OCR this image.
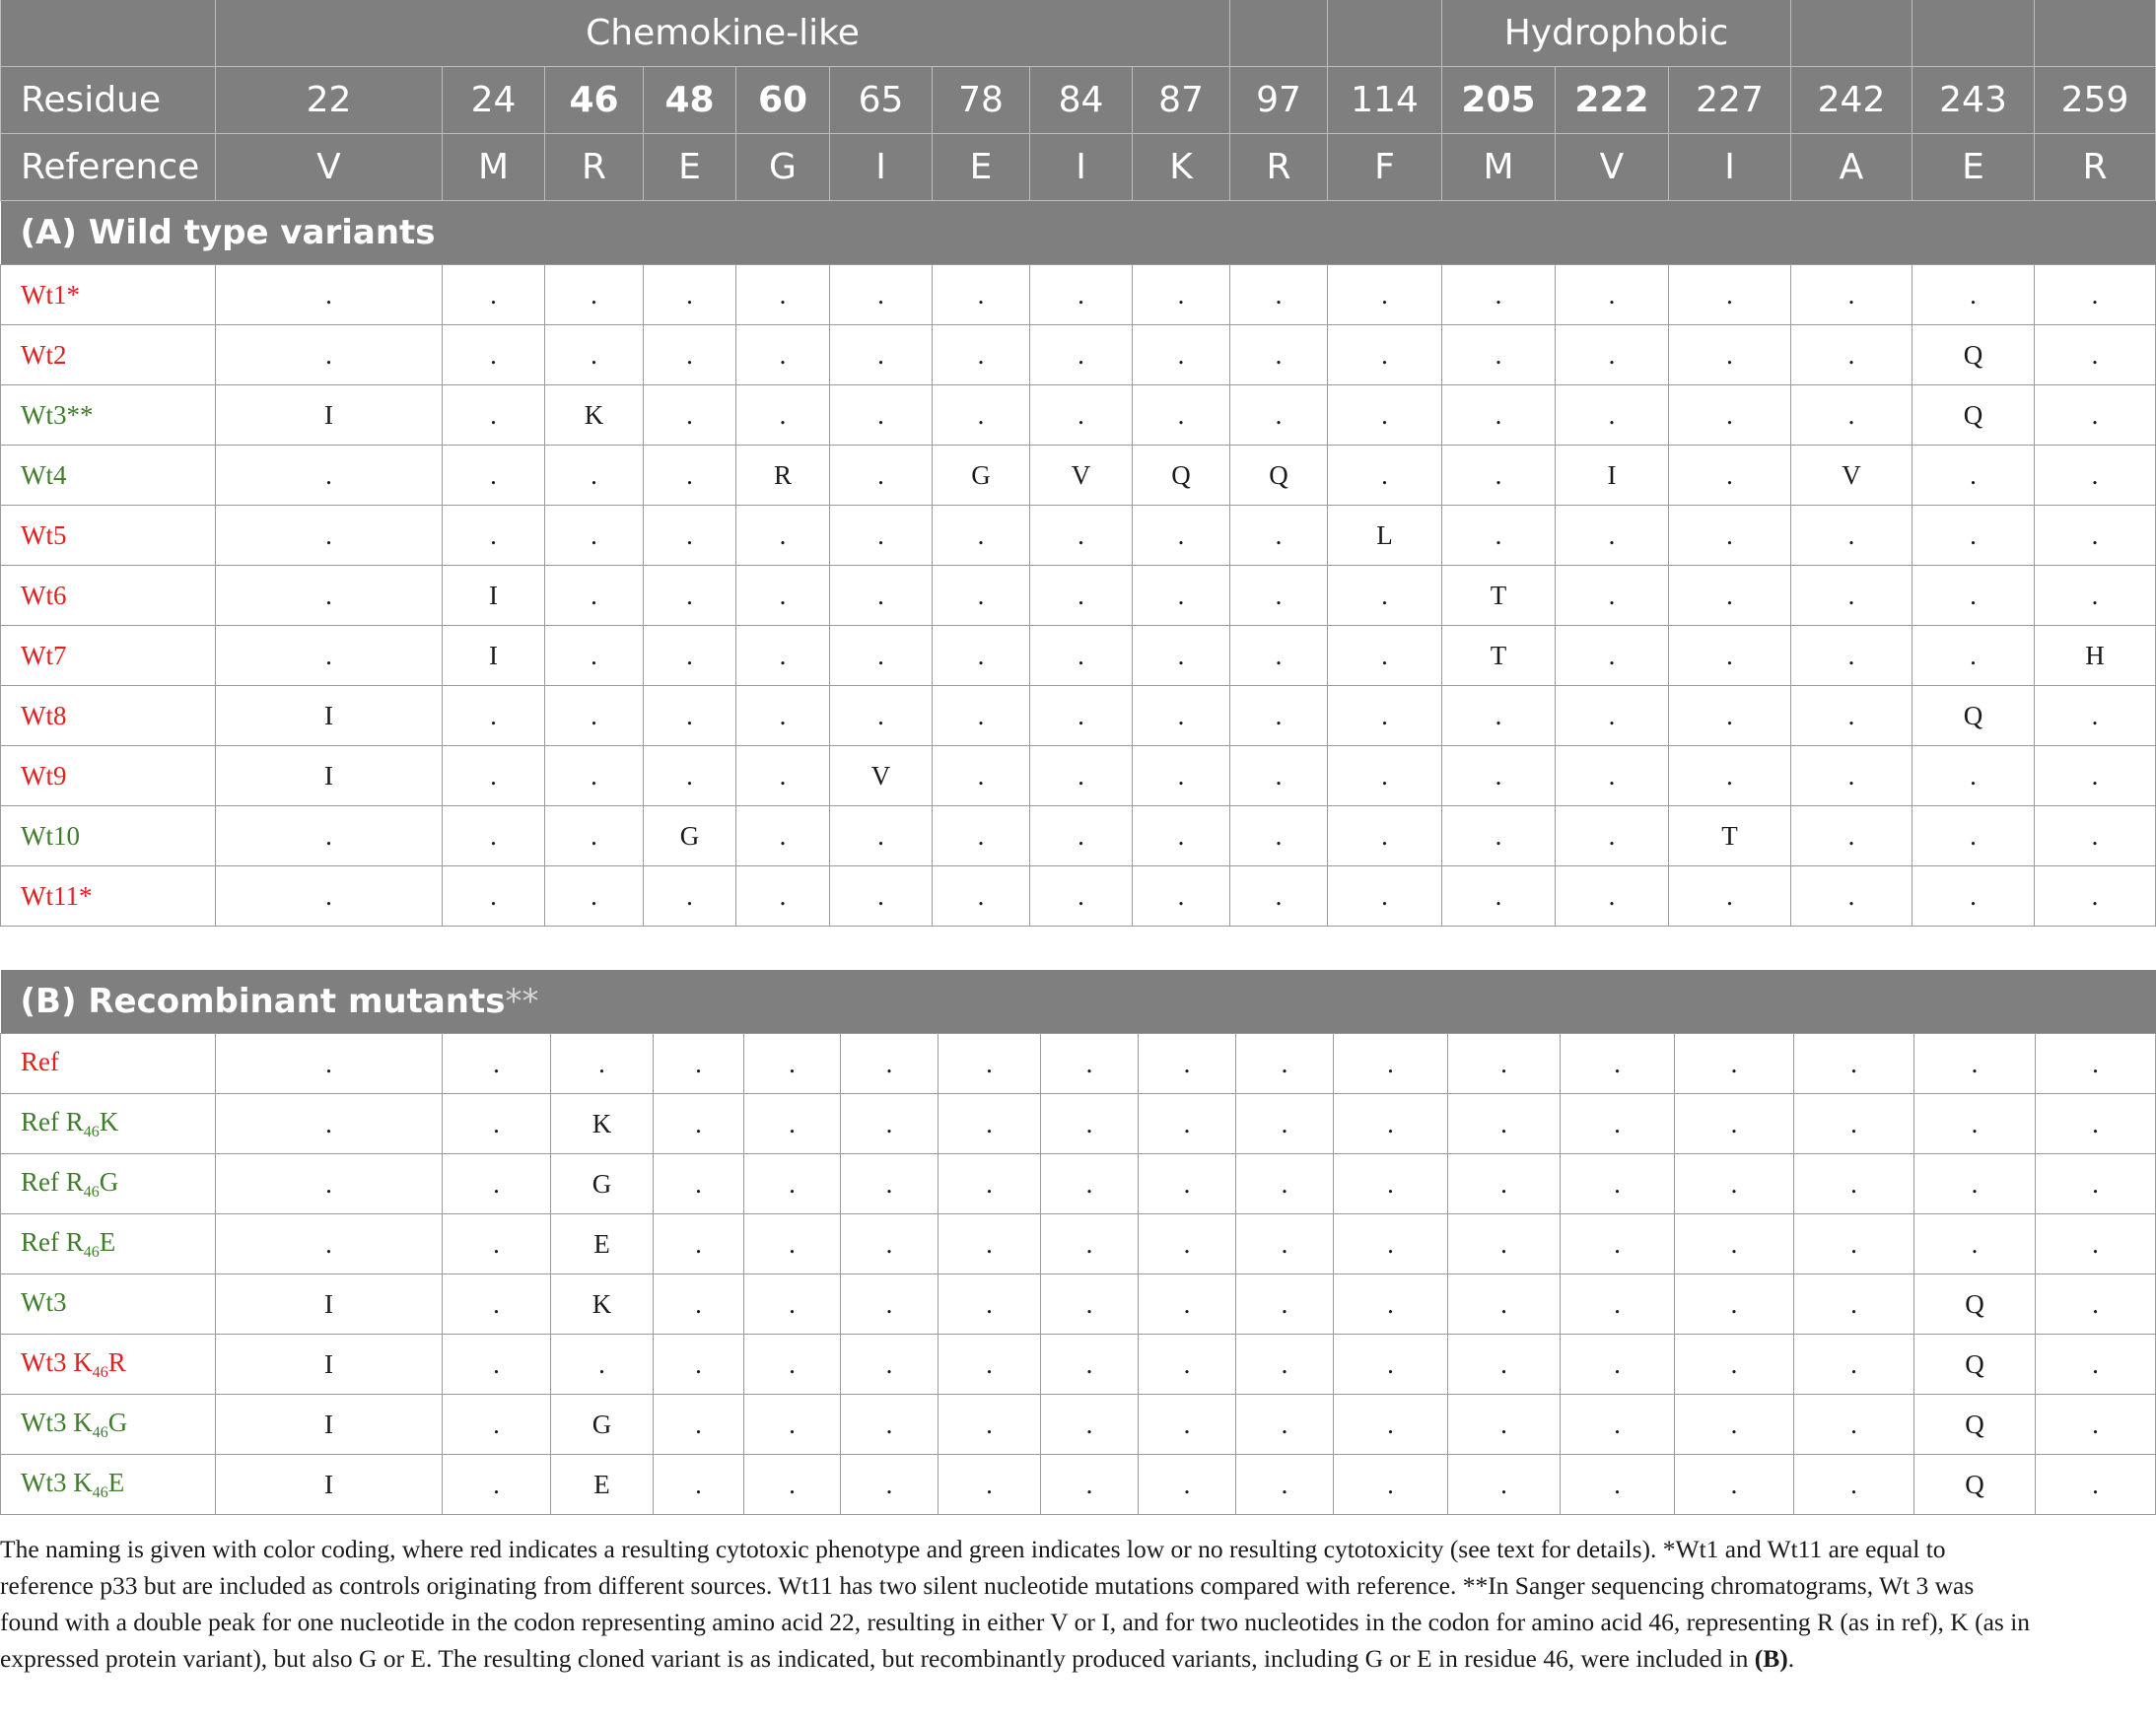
	Chemokine-like											Hydrophobic					
Residue	22	24	46	48	60	65	78	84	87	97	114	205	222	227	242	243	259
Reference	V	M	R	E	G	I	E	I	K	R	F	M	V	I	A	E	R
(A) Wild type variants																	
Wt1*	.	.	.	.	.	.	.	.	.	.	.	.	.	.	.	.	.
Wt2	.	.	.	.	.	.	.	.	.	.	.	.	.	.	.	Q	.
Wt3**	I	.	K	.	.	.	.	.	.	.	.	.	.	.	.	Q	.
Wt4	.	.	.	.	R	.	G	V	Q	Q	.	.	I	.	V	.	.
Wt5	.	.	.	.	.	.	.	.	.	.	L	.	.	.	.	.	.
Wt6	.	I	.	.	.	.	.	.	.	.	.	T	.	.	.	.	.
Wt7	.	I	.	.	.	.	.	.	.	.	.	T	.	.	.	.	H
Wt8	I	.	.	.	.	.	.	.	.	.	.	.	.	.	.	Q	.
Wt9	I	.	.	.	.	V	.	.	.	.	.	.	.	.	.	.	.
Wt10	.	.	.	G	.	.	.	.	.	.	.	.	.	T	.	.	.
Wt11*	.	.	.	.	.	.	.	.	.	.	.	.	.	.	.	.	.
(B) Recombinant mutants**																	
Ref	.	.	.	.	.	.	.	.	.	.	.	.	.	.	.	.	.
Ref $R_{46}K$	.	.	K	.	.	.	.	.	.	.	.	.	.	.	.	.	.
Ref $R_{46}G$	.	.	G	.	.	.	.	.	.	.	.	.	.	.	.	.	.
Ref $R_{46}E$	.	.	E	.	.	.	.	.	.	.	.	.	.	.	.	.	.
Wt3	I	.	K	.	.	.	.	.	.	.	.	.	.	.	.	Q	.
Wt3 $K_{46}R$	I	.	.	.	.	.	.	.	.	.	.	.	.	.	.	Q	.
Wt3 $K_{46}G$	I	.	G	.	.	.	.	.	.	.	.	.	.	.	.	Q	.
Wt3 $K_{46}E$	I	.	E	.	.	.	.	.	.	.	.	.	.	.	.	Q	.

The naming is given with color coding, where red indicates a resulting cytotoxic phenotype and green indicates low or no resulting cytotoxicity (see text for details). *Wt1 and Wt11 are equal to reference p33 but are included as controls originating from different sources. Wt11 has two silent nucleotide mutations compared with reference. **In Sanger sequencing chromatograms, Wt 3 was found with a double peak for one nucleotide in the codon representing amino acid 22, resulting in either V or I, and for two nucleotides in the codon for amino acid 46, representing R (as in ref), K (as in expressed protein variant), but also G or E. The resulting cloned variant is as indicated, but recombinantly produced variants, including G or E in residue 46, were included in (B).
